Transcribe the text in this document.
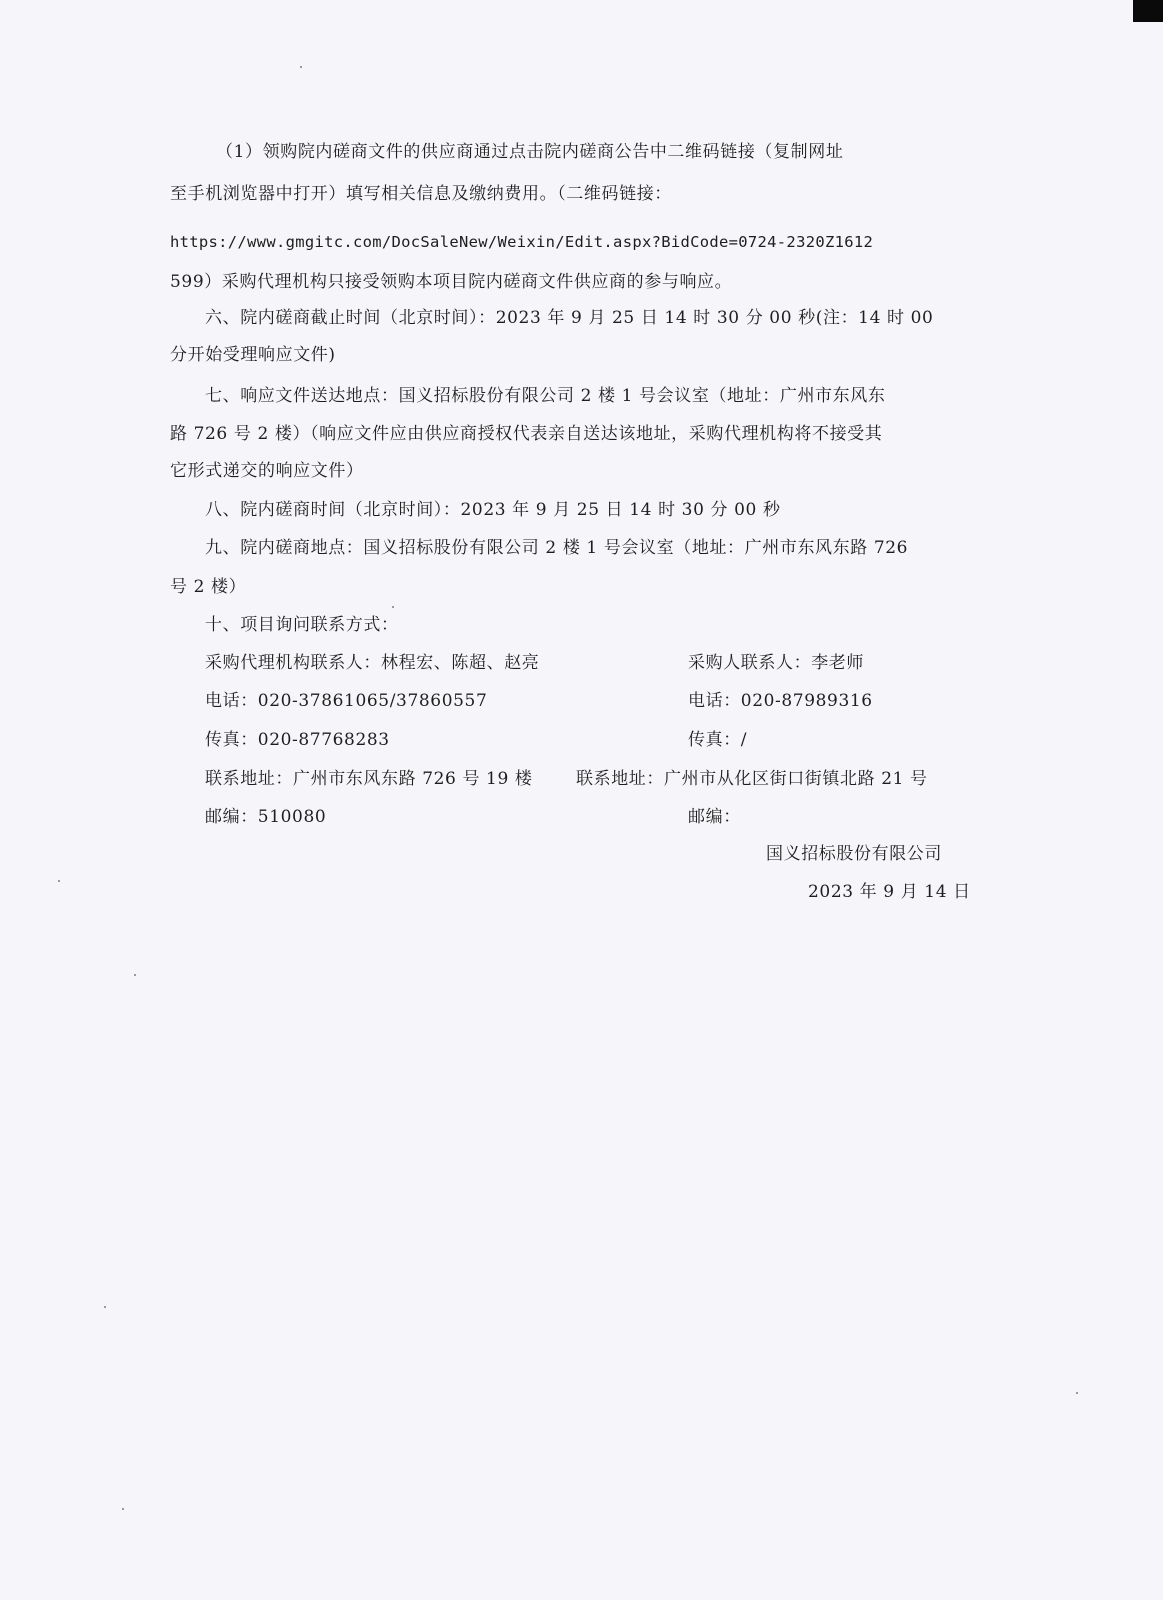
（1）领购院内磋商文件的供应商通过点击院内磋商公告中二维码链接（复制网址
至手机浏览器中打开）填写相关信息及缴纳费用。（二维码链接：
https://www.gmgitc.com/DocSaleNew/Weixin/Edit.aspx?BidCode=0724-2320Z1612
599）采购代理机构只接受领购本项目院内磋商文件供应商的参与响应。
六、院内磋商截止时间（北京时间）：2023 年 9 月 25 日 14 时 30 分 00 秒(注：14 时 00
分开始受理响应文件)
七、响应文件送达地点：国义招标股份有限公司 2 楼 1 号会议室（地址：广州市东风东
路 726 号 2 楼）（响应文件应由供应商授权代表亲自送达该地址，采购代理机构将不接受其
它形式递交的响应文件）
八、院内磋商时间（北京时间）：2023 年 9 月 25 日 14 时 30 分 00 秒
九、院内磋商地点：国义招标股份有限公司 2 楼 1 号会议室（地址：广州市东风东路 726
号 2 楼）
十、项目询问联系方式：
采购代理机构联系人：林程宏、陈超、赵亮
电话：020-37861065/37860557
传真：020-87768283
联系地址：广州市东风东路 726 号 19 楼
邮编：510080
采购人联系人：李老师
电话：020-87989316
传真：/
联系地址：广州市从化区街口街镇北路 21 号
邮编：
国义招标股份有限公司
2023 年 9 月 14 日
